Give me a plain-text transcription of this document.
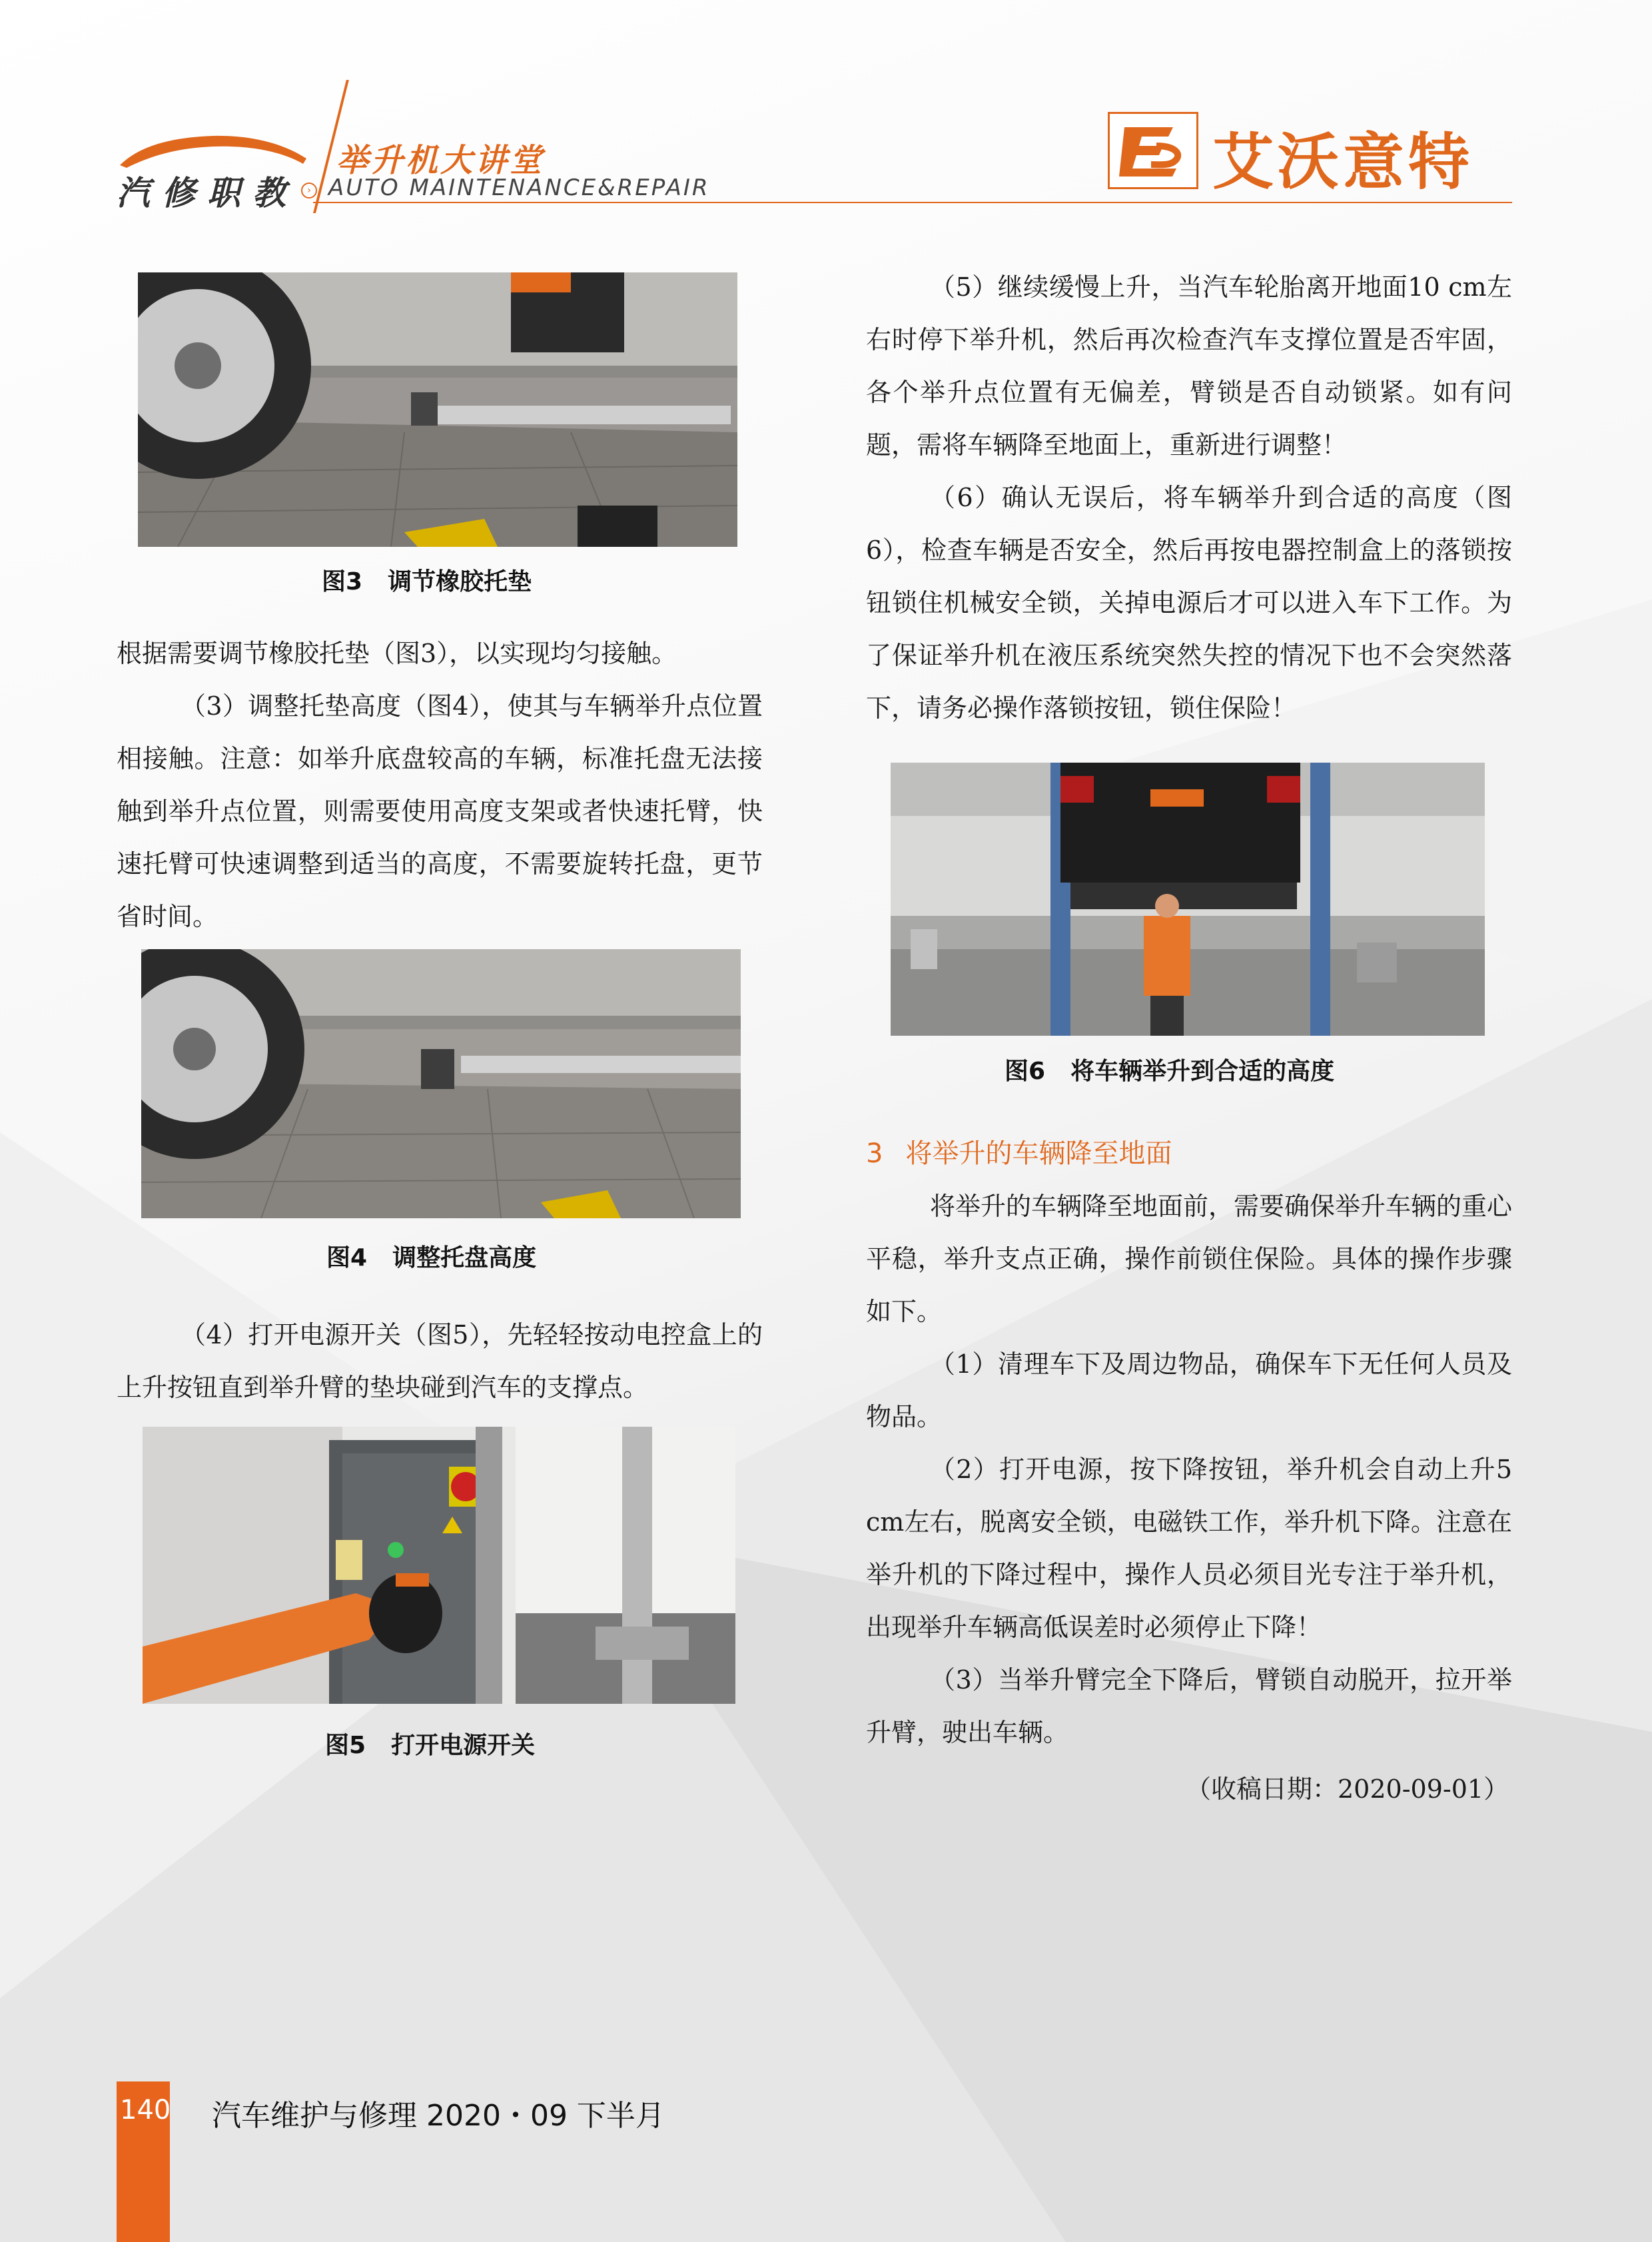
汽修职教	›
举升机大讲堂
AUTO MAINTENANCE&REPAIR	艾沃意特
图3 调节橡胶托垫

根据需要调节橡胶托垫（图3），以实现均匀接触。

（3）调整托垫高度（图4），使其与车辆举升点位置相接触。注意：如举升底盘较高的车辆，标准托盘无法接触到举升点位置，则需要使用高度支架或者快速托臂，快速托臂可快速调整到适当的高度，不需要旋转托盘，更节省时间。

图4 调整托盘高度

（4）打开电源开关（图5），先轻轻按动电控盒上的上升按钮直到举升臂的垫块碰到汽车的支撑点。

图5 打开电源开关

（5）继续缓慢上升，当汽车轮胎离开地面10 cm左右时停下举升机，然后再次检查汽车支撑位置是否牢固，各个举升点位置有无偏差，臂锁是否自动锁紧。如有问题，需将车辆降至地面上，重新进行调整！

（6）确认无误后，将车辆举升到合适的高度（图6），检查车辆是否安全，然后再按电器控制盒上的落锁按钮锁住机械安全锁，关掉电源后才可以进入车下工作。为了保证举升机在液压系统突然失控的情况下也不会突然落下，请务必操作落锁按钮，锁住保险！

图6 将车辆举升到合适的高度
3 将举升的车辆降至地面

将举升的车辆降至地面前，需要确保举升车辆的重心平稳，举升支点正确，操作前锁住保险。具体的操作步骤如下。

（1）清理车下及周边物品，确保车下无任何人员及物品。

（2）打开电源，按下降按钮，举升机会自动上升5 cm左右，脱离安全锁，电磁铁工作，举升机下降。注意在举升机的下降过程中，操作人员必须目光专注于举升机，出现举升车辆高低误差时必须停止下降！

（3）当举升臂完全下降后，臂锁自动脱开，拉开举升臂，驶出车辆。

（收稿日期：2020-09-01）
140 汽车维护与修理 2020・09 下半月
